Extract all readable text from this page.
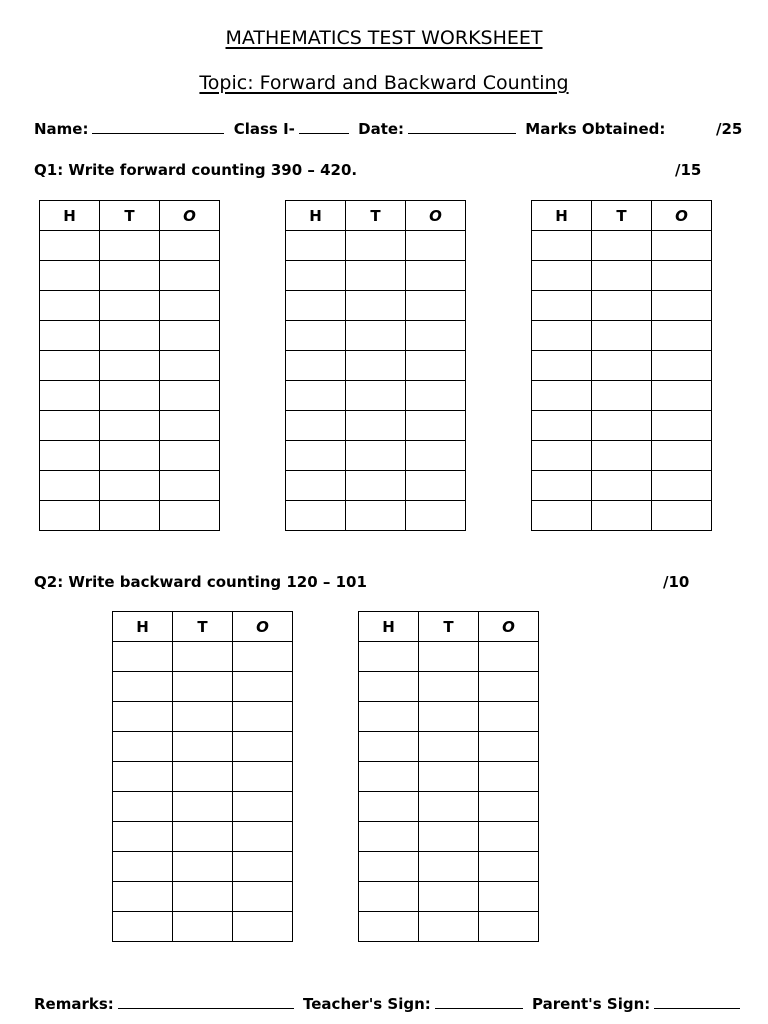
MATHEMATICS TEST WORKSHEET
Topic: Forward and Backward Counting
Name:	Class I-	Date:	Marks Obtained:	/25
Q1: Write forward counting 390 – 420.	/15
H	T	O

			H	T	O

			H	T	O

Q2: Write backward counting 120 – 101	/10
H	T	O

			H	T	O

Remarks:	Teacher's Sign:	Parent's Sign:
